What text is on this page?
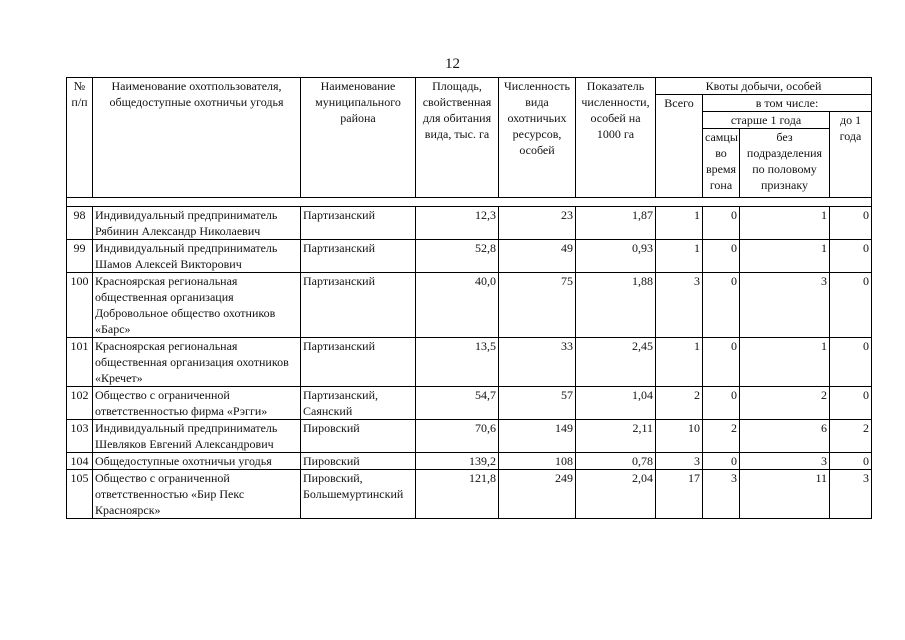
12
№ п/п	Наименование охотпользователя, общедоступные охотничьи угодья	Наименование муниципального района	Площадь, свойственная для обитания вида, тыс. га	Численность вида охотничьих ресурсов, особей	Показатель численности, особей на 1000 га	Квоты добычи, особей			
						Всего	в том числе:		
							старше 1 года		до 1 года
							самцы во время гона	без подразделения по половому признаку	

98	Индивидуальный предприниматель Рябинин Александр Николаевич	Партизанский	12,3	23	1,87	1	0	1	0
99	Индивидуальный предприниматель Шамов Алексей Викторович	Партизанский	52,8	49	0,93	1	0	1	0
100	Красноярская региональная общественная организация Добровольное общество охотников «Барс»	Партизанский	40,0	75	1,88	3	0	3	0
101	Красноярская региональная общественная организация охотников «Кречет»	Партизанский	13,5	33	2,45	1	0	1	0
102	Общество с ограниченной ответственностью фирма «Рэгги»	Партизанский, Саянский	54,7	57	1,04	2	0	2	0
103	Индивидуальный предприниматель Шевляков Евгений Александрович	Пировский	70,6	149	2,11	10	2	6	2
104	Общедоступные охотничьи угодья	Пировский	139,2	108	0,78	3	0	3	0
105	Общество с ограниченной ответственностью «Бир Пекс Красноярск»	Пировский, Большемуртинский	121,8	249	2,04	17	3	11	3
